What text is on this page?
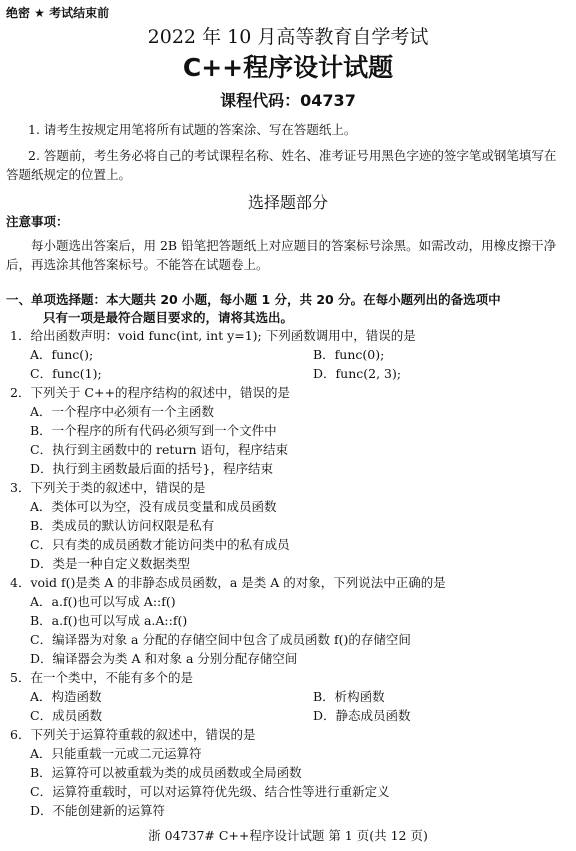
绝密 ★ 考试结束前
2022 年 10 月高等教育自学考试
C++程序设计试题
课程代码：04737
1. 请考生按规定用笔将所有试题的答案涂、写在答题纸上。
2. 答题前，考生务必将自己的考试课程名称、姓名、准考证号用黑色字迹的签字笔或钢笔填写在答题纸规定的位置上。
选择题部分
注意事项：
每小题选出答案后，用 2B 铅笔把答题纸上对应题目的答案标号涂黑。如需改动，用橡皮擦干净后，再选涂其他答案标号。不能答在试题卷上。
一、单项选择题：本大题共 20 小题，每小题 1 分，共 20 分。在每小题列出的备选项中
只有一项是最符合题目要求的，请将其选出。
1．给出函数声明：void func(int, int y=1); 下列函数调用中，错误的是
A．func();	B．func(0);
C．func(1);	D．func(2, 3);
2．下列关于 C++的程序结构的叙述中，错误的是
A．一个程序中必须有一个主函数
B．一个程序的所有代码必须写到一个文件中
C．执行到主函数中的 return 语句，程序结束
D．执行到主函数最后面的括号}，程序结束
3．下列关于类的叙述中，错误的是
A．类体可以为空，没有成员变量和成员函数
B．类成员的默认访问权限是私有
C．只有类的成员函数才能访问类中的私有成员
D．类是一种自定义数据类型
4．void f()是类 A 的非静态成员函数，a 是类 A 的对象，下列说法中正确的是
A．a.f()也可以写成 A::f()
B．a.f()也可以写成 a.A::f()
C．编译器为对象 a 分配的存储空间中包含了成员函数 f()的存储空间
D．编译器会为类 A 和对象 a 分别分配存储空间
5．在一个类中，不能有多个的是
A．构造函数	B．析构函数
C．成员函数	D．静态成员函数
6．下列关于运算符重载的叙述中，错误的是
A．只能重载一元或二元运算符
B．运算符可以被重载为类的成员函数或全局函数
C．运算符重载时，可以对运算符优先级、结合性等进行重新定义
D．不能创建新的运算符
浙 04737# C++程序设计试题 第 1 页(共 12 页)
